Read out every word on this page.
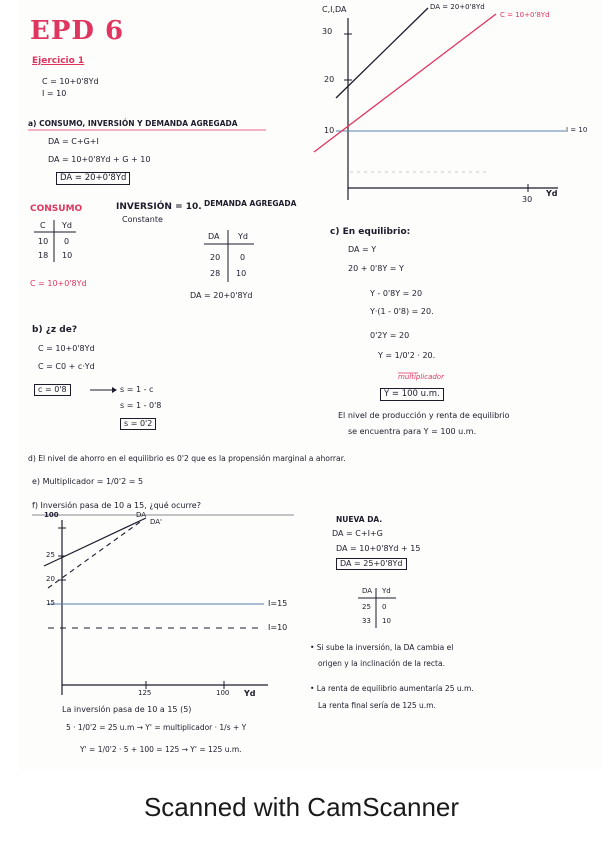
EPD 6
Ejercicio 1
C = 10+0'8Yd
I = 10
a) CONSUMO, INVERSIÓN Y DEMANDA AGREGADA
DA = C+G+I
DA = 10+0'8Yd + G + 10
DA = 20+0'8Yd
CONSUMO
C Yd
10 0
18 10
C = 10+0'8Yd
INVERSIÓN = 10.
Constante
DEMANDA AGREGADA
DA Yd
20 0
28 10
DA = 20+0'8Yd
C,I,DA
30
20
10
30
Yd
DA = 20+0'8Yd
C = 10+0'8Yd
I = 10
b) ¿z de?
C = 10+0'8Yd
C = C0 + c·Yd
c = 0'8	s = 1 - c
s = 1 - 0'8
s = 0'2
c) En equilibrio:
DA = Y
20 + 0'8Y = Y
Y - 0'8Y = 20
Y·(1 - 0'8) = 20.
0'2Y = 20
Y = 1/0'2 · 20.
multiplicador
Y = 100 u.m.
El nivel de producción y renta de equilibrio
se encuentra para Y = 100 u.m.
d) El nivel de ahorro en el equilibrio es 0'2 que es la propensión marginal a ahorrar.
e) Multiplicador = 1/0'2 = 5
f) Inversión pasa de 10 a 15, ¿qué ocurre?
100	DA
DA'
25
20
15	I=15
I=10
125	100 Yd
NUEVA DA.
DA = C+I+G
DA = 10+0'8Yd + 15
DA = 25+0'8Yd
DA Yd
25 0
33 10
• Si sube la inversión, la DA cambia el
origen y la inclinación de la recta.
• La renta de equilibrio aumentaría 25 u.m.
La renta final sería de 125 u.m.
La inversión pasa de 10 a 15 (5)
5 · 1/0'2 = 25 u.m → Y' = multiplicador · 1/s + Y
Y' = 1/0'2 · 5 + 100 = 125 → Y' = 125 u.m.
Scanned with CamScanner
